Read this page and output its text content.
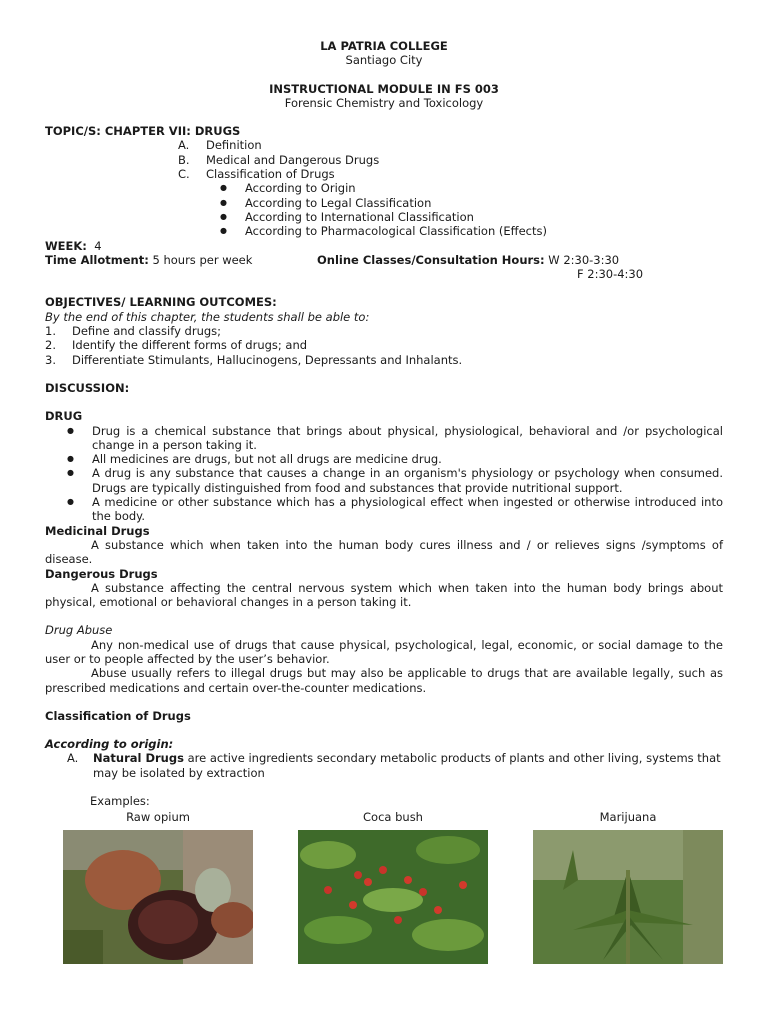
LA PATRIA COLLEGE
Santiago City
INSTRUCTIONAL MODULE IN FS 003
Forensic Chemistry and Toxicology
TOPIC/S: CHAPTER VII: DRUGS
A.	Definition
B.	Medical and Dangerous Drugs
C.	Classification of Drugs
●	According to Origin
●	According to Legal Classification
●	According to International Classification
●	According to Pharmacological Classification (Effects)
WEEK:
4
Time Allotment:
5 hours per week	Online Classes/Consultation Hours: W 2:30-3:30
F 2:30-4:30
OBJECTIVES/ LEARNING OUTCOMES:
By the end of this chapter, the students shall be able to:
1.	Define and classify drugs;
2.	Identify the different forms of drugs; and
3.	Differentiate Stimulants, Hallucinogens, Depressants and Inhalants.
DISCUSSION:
DRUG
●	Drug is a chemical substance that brings about physical, physiological, behavioral and /or psychological change in a person taking it.
●	All medicines are drugs, but not all drugs are medicine drug.
●	A drug is any substance that causes a change in an organism's physiology or psychology when consumed. Drugs are typically distinguished from food and substances that provide nutritional support.
●	A medicine or other substance which has a physiological effect when ingested or otherwise introduced into the body.
Medicinal Drugs
A substance which when taken into the human body cures illness and / or relieves signs /symptoms of disease.
Dangerous Drugs
A substance affecting the central nervous system which when taken into the human body brings about physical, emotional or behavioral changes in a person taking it.
Drug Abuse
Any non-medical use of drugs that cause physical, psychological, legal, economic, or social damage to the user or to people affected by the user’s behavior.
Abuse usually refers to illegal drugs but may also be applicable to drugs that are available legally, such as prescribed medications and certain over-the-counter medications.
Classification of Drugs
According to origin:
A.	Natural Drugs are active ingredients secondary metabolic products of plants and other living, systems that may be isolated by extraction
Examples:
Raw opium	Coca bush	Marijuana
